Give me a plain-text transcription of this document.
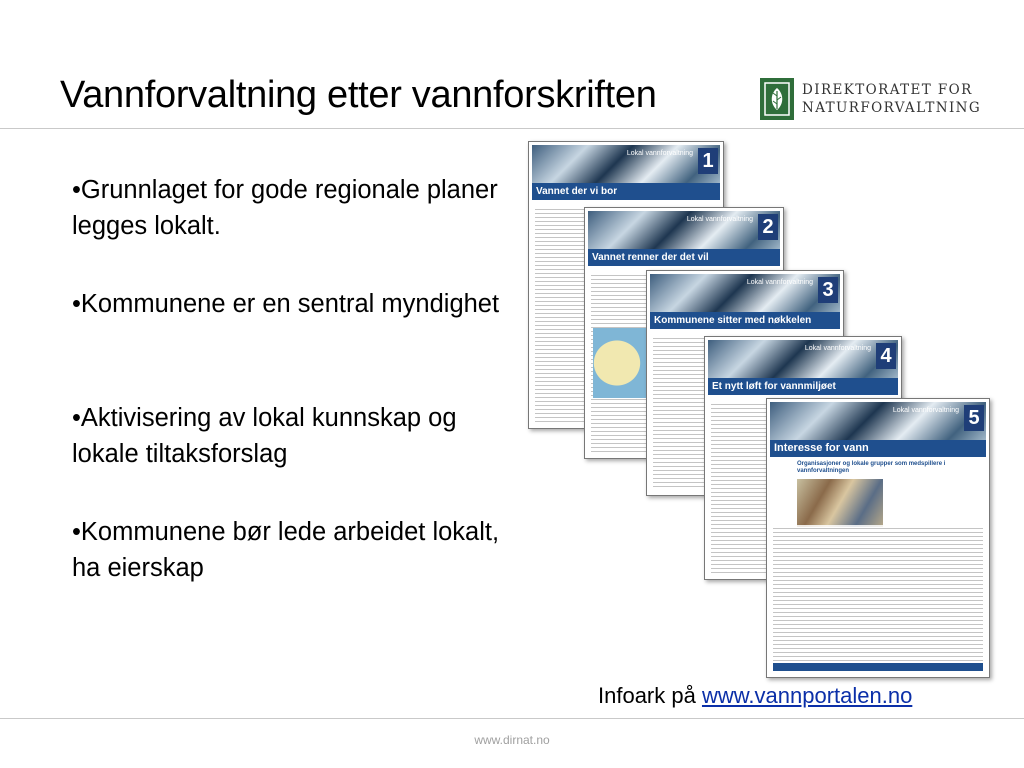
Vannforvaltning etter vannforskriften	DIREKTORATET FOR
NATURFORVALTNING

•Grunnlaget for gode regionale planer legges lokalt.

•Kommunene er en sentral myndighet

•Aktivisering av lokal kunnskap og lokale tiltaksforslag

•Kommunene bør lede arbeidet lokalt, ha eierskap

Lokal vannforvaltning 1
Vannet der vi bor
Lokal vannforvaltning 2
Vannet renner der det vil
Lokal vannforvaltning 3
Kommunene sitter med nøkkelen
Lokal vannforvaltning 4
Et nytt løft for vannmiljøet
Lokal vannforvaltning 5
Interesse for vann
Organisasjoner og lokale grupper som medspillere i vannforvaltningen
Infoark på www.vannportalen.no
www.dirnat.no
